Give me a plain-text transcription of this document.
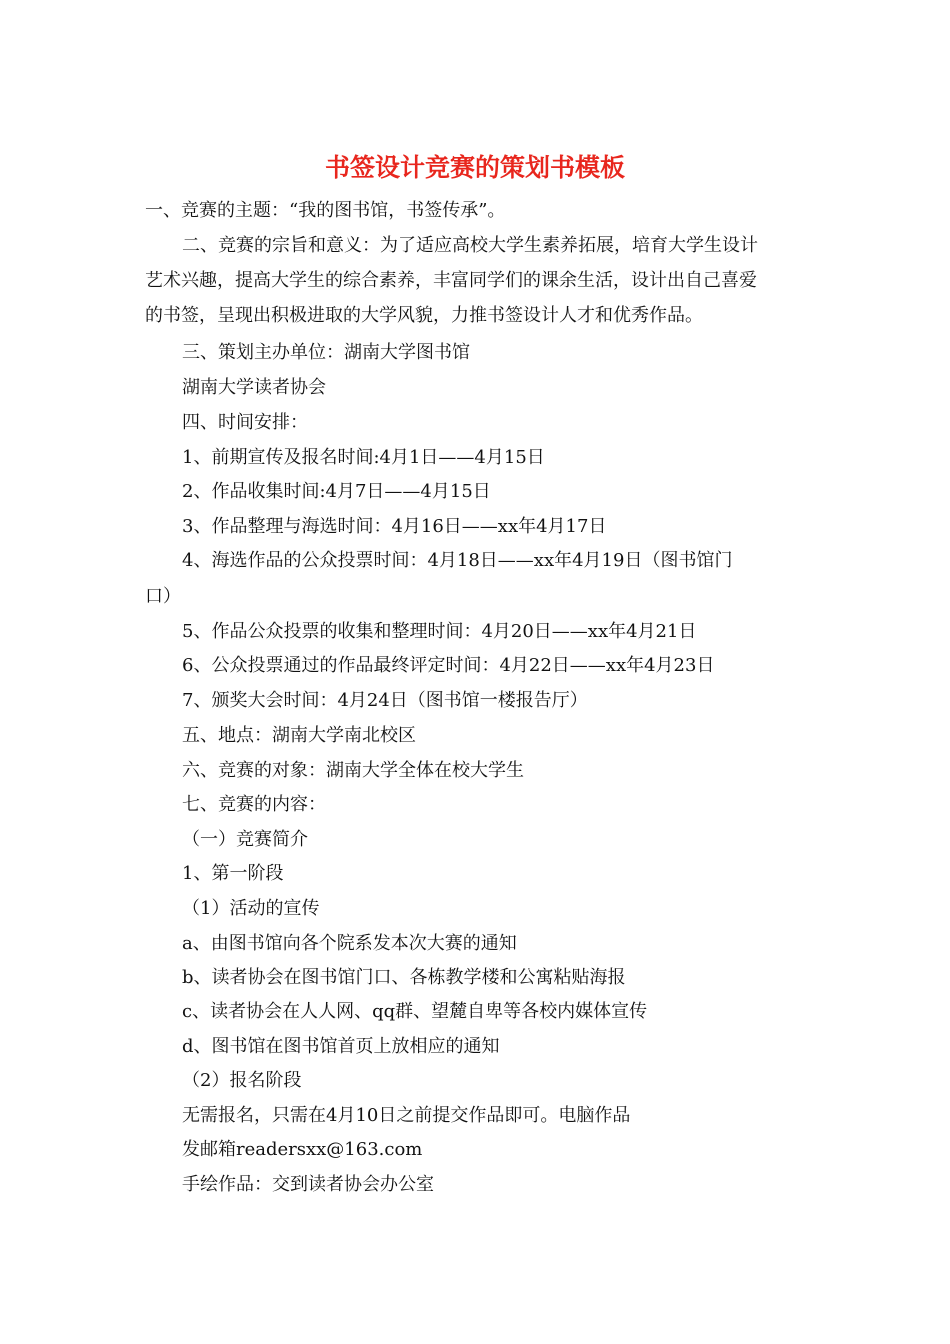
书签设计竞赛的策划书模板
一、竞赛的主题：“我的图书馆，书签传承”。
二、竞赛的宗旨和意义：为了适应高校大学生素养拓展，培育大学生设计
艺术兴趣，提高大学生的综合素养，丰富同学们的课余生活，设计出自己喜爱
的书签，呈现出积极进取的大学风貌，力推书签设计人才和优秀作品。
三、策划主办单位：湖南大学图书馆
湖南大学读者协会
四、时间安排：
1、前期宣传及报名时间:4月1日——4月15日
2、作品收集时间:4月7日——4月15日
3、作品整理与海选时间：4月16日——xx年4月17日
4、海选作品的公众投票时间：4月18日——xx年4月19日（图书馆门
口）
5、作品公众投票的收集和整理时间：4月20日——xx年4月21日
6、公众投票通过的作品最终评定时间：4月22日——xx年4月23日
7、颁奖大会时间：4月24日（图书馆一楼报告厅）
五、地点：湖南大学南北校区
六、竞赛的对象：湖南大学全体在校大学生
七、竞赛的内容：
（一）竞赛简介
1、第一阶段
（1）活动的宣传
a、由图书馆向各个院系发本次大赛的通知
b、读者协会在图书馆门口、各栋教学楼和公寓粘贴海报
c、读者协会在人人网、qq群、望麓自卑等各校内媒体宣传
d、图书馆在图书馆首页上放相应的通知
（2）报名阶段
无需报名，只需在4月10日之前提交作品即可。电脑作品
发邮箱readersxx@163.com
手绘作品：交到读者协会办公室
